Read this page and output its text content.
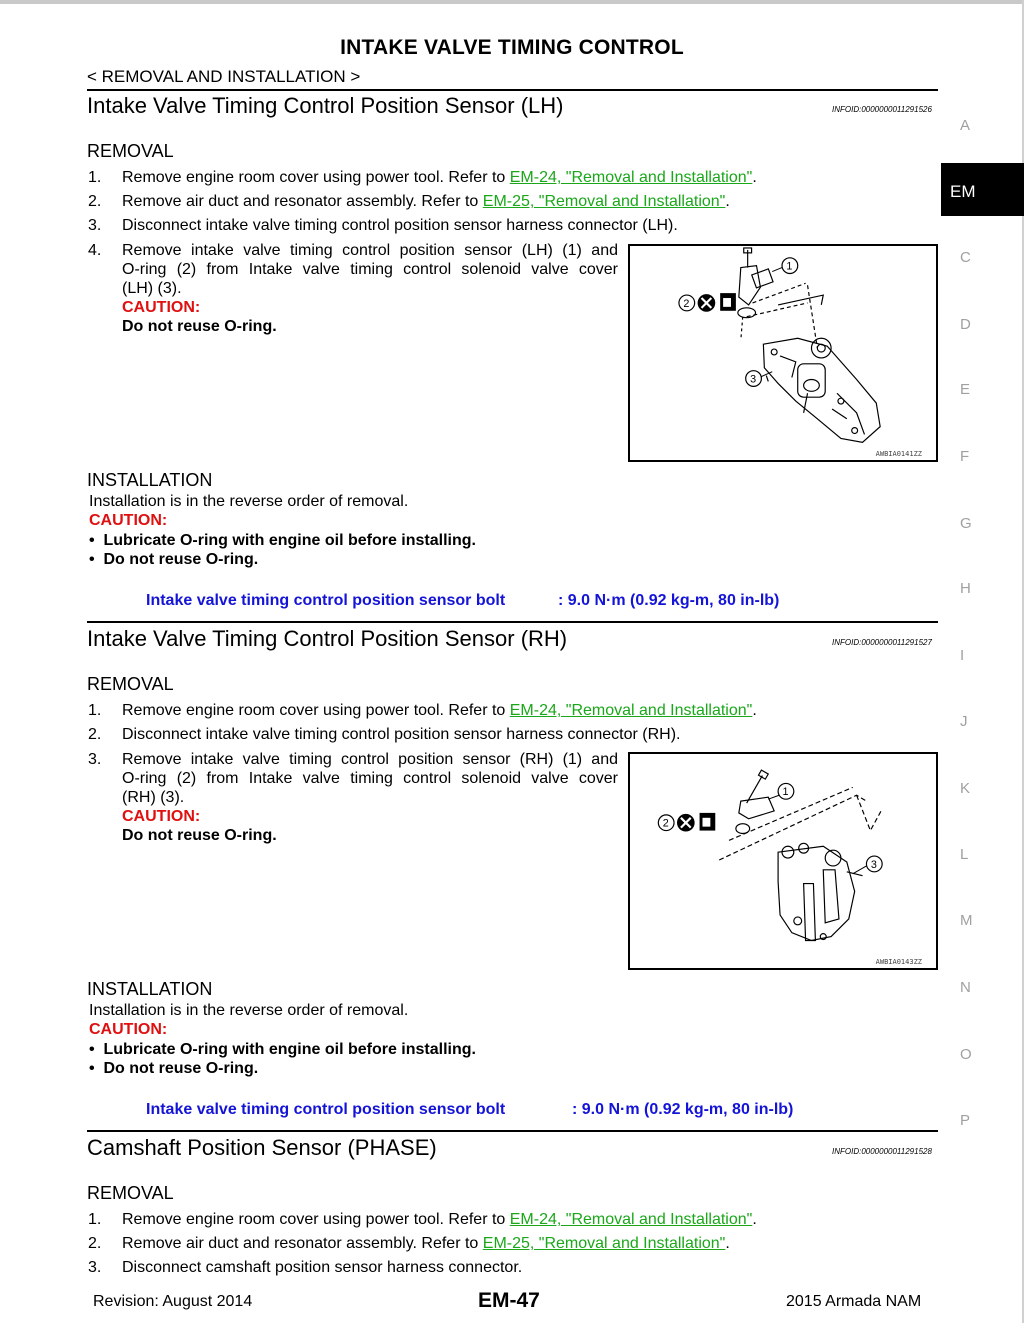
INTAKE VALVE TIMING CONTROL
< REMOVAL AND INSTALLATION >
Intake Valve Timing Control Position Sensor (LH)	INFOID:0000000011291526
REMOVAL
1. Remove engine room cover using power tool. Refer to EM-24, "Removal and Installation".
2. Remove air duct and resonator assembly. Refer to EM-25, "Removal and Installation".
3. Disconnect intake valve timing control position sensor harness connector (LH).
4. Remove intake valve timing control position sensor (LH) (1) and
O-ring (2) from Intake valve timing control solenoid valve cover
(LH) (3).
CAUTION:
Do not reuse O-ring.
1
2
3
AWBIA0141ZZ
INSTALLATION
Installation is in the reverse order of removal.
CAUTION:
•  Lubricate O-ring with engine oil before installing.
•  Do not reuse O-ring.
Intake valve timing control position sensor bolt	: 9.0 N·m (0.92 kg-m, 80 in-lb)
Intake Valve Timing Control Position Sensor (RH)	INFOID:0000000011291527
REMOVAL
1. Remove engine room cover using power tool. Refer to EM-24, "Removal and Installation".
2. Disconnect intake valve timing control position sensor harness connector (RH).
3. Remove intake valve timing control position sensor (RH) (1) and
O-ring (2) from Intake valve timing control solenoid valve cover
(RH) (3).
CAUTION:
Do not reuse O-ring.
1
2
3
AWBIA0143ZZ
INSTALLATION
Installation is in the reverse order of removal.
CAUTION:
•  Lubricate O-ring with engine oil before installing.
•  Do not reuse O-ring.
Intake valve timing control position sensor bolt	: 9.0 N·m (0.92 kg-m, 80 in-lb)
Camshaft Position Sensor (PHASE)	INFOID:0000000011291528
REMOVAL
1. Remove engine room cover using power tool. Refer to EM-24, "Removal and Installation".
2. Remove air duct and resonator assembly. Refer to EM-25, "Removal and Installation".
3. Disconnect camshaft position sensor harness connector.
EM
A
C
D
E
F
G
H
I
J
K
L
M
N
O
P
Revision: August 2014	EM-47	2015 Armada NAM
